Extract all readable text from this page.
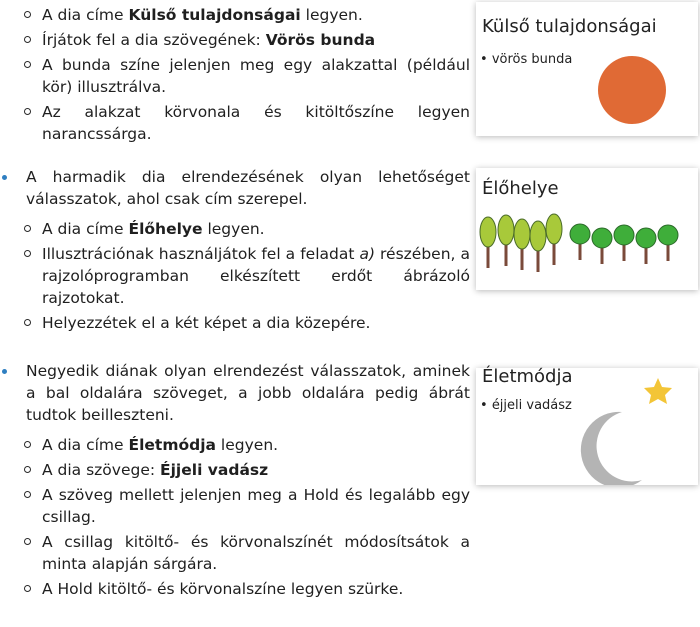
A dia címe Külső tulajdonságai legyen.
Írjátok fel a dia szövegének: Vörös bunda
A bunda színe jelenjen meg egy alakzattal (például kör) illusztrálva.
Az alakzat körvonala és kitöltőszíne legyen narancssárga.
A harmadik dia elrendezésének olyan lehetőséget válasszatok, ahol csak cím szerepel.
A dia címe Élőhelye legyen.
Illusztrációnak használjátok fel a feladat a) részében, a rajzolóprogramban elkészített erdőt ábrázoló rajzotokat.
Helyezzétek el a két képet a dia közepére.
Negyedik diának olyan elrendezést válasszatok, aminek a bal oldalára szöveget, a jobb oldalára pedig ábrát tudtok beilleszteni.
A dia címe Életmódja legyen.
A dia szövege: Éjjeli vadász
A szöveg mellett jelenjen meg a Hold és legalább egy csillag.
A csillag kitöltő- és körvonalszínét módosítsátok a minta alapján sárgára.
A Hold kitöltő- és körvonalszíne legyen szürke.
Külső tulajdonságai
• vörös bunda
Élőhelye
Életmódja
• éjjeli vadász
